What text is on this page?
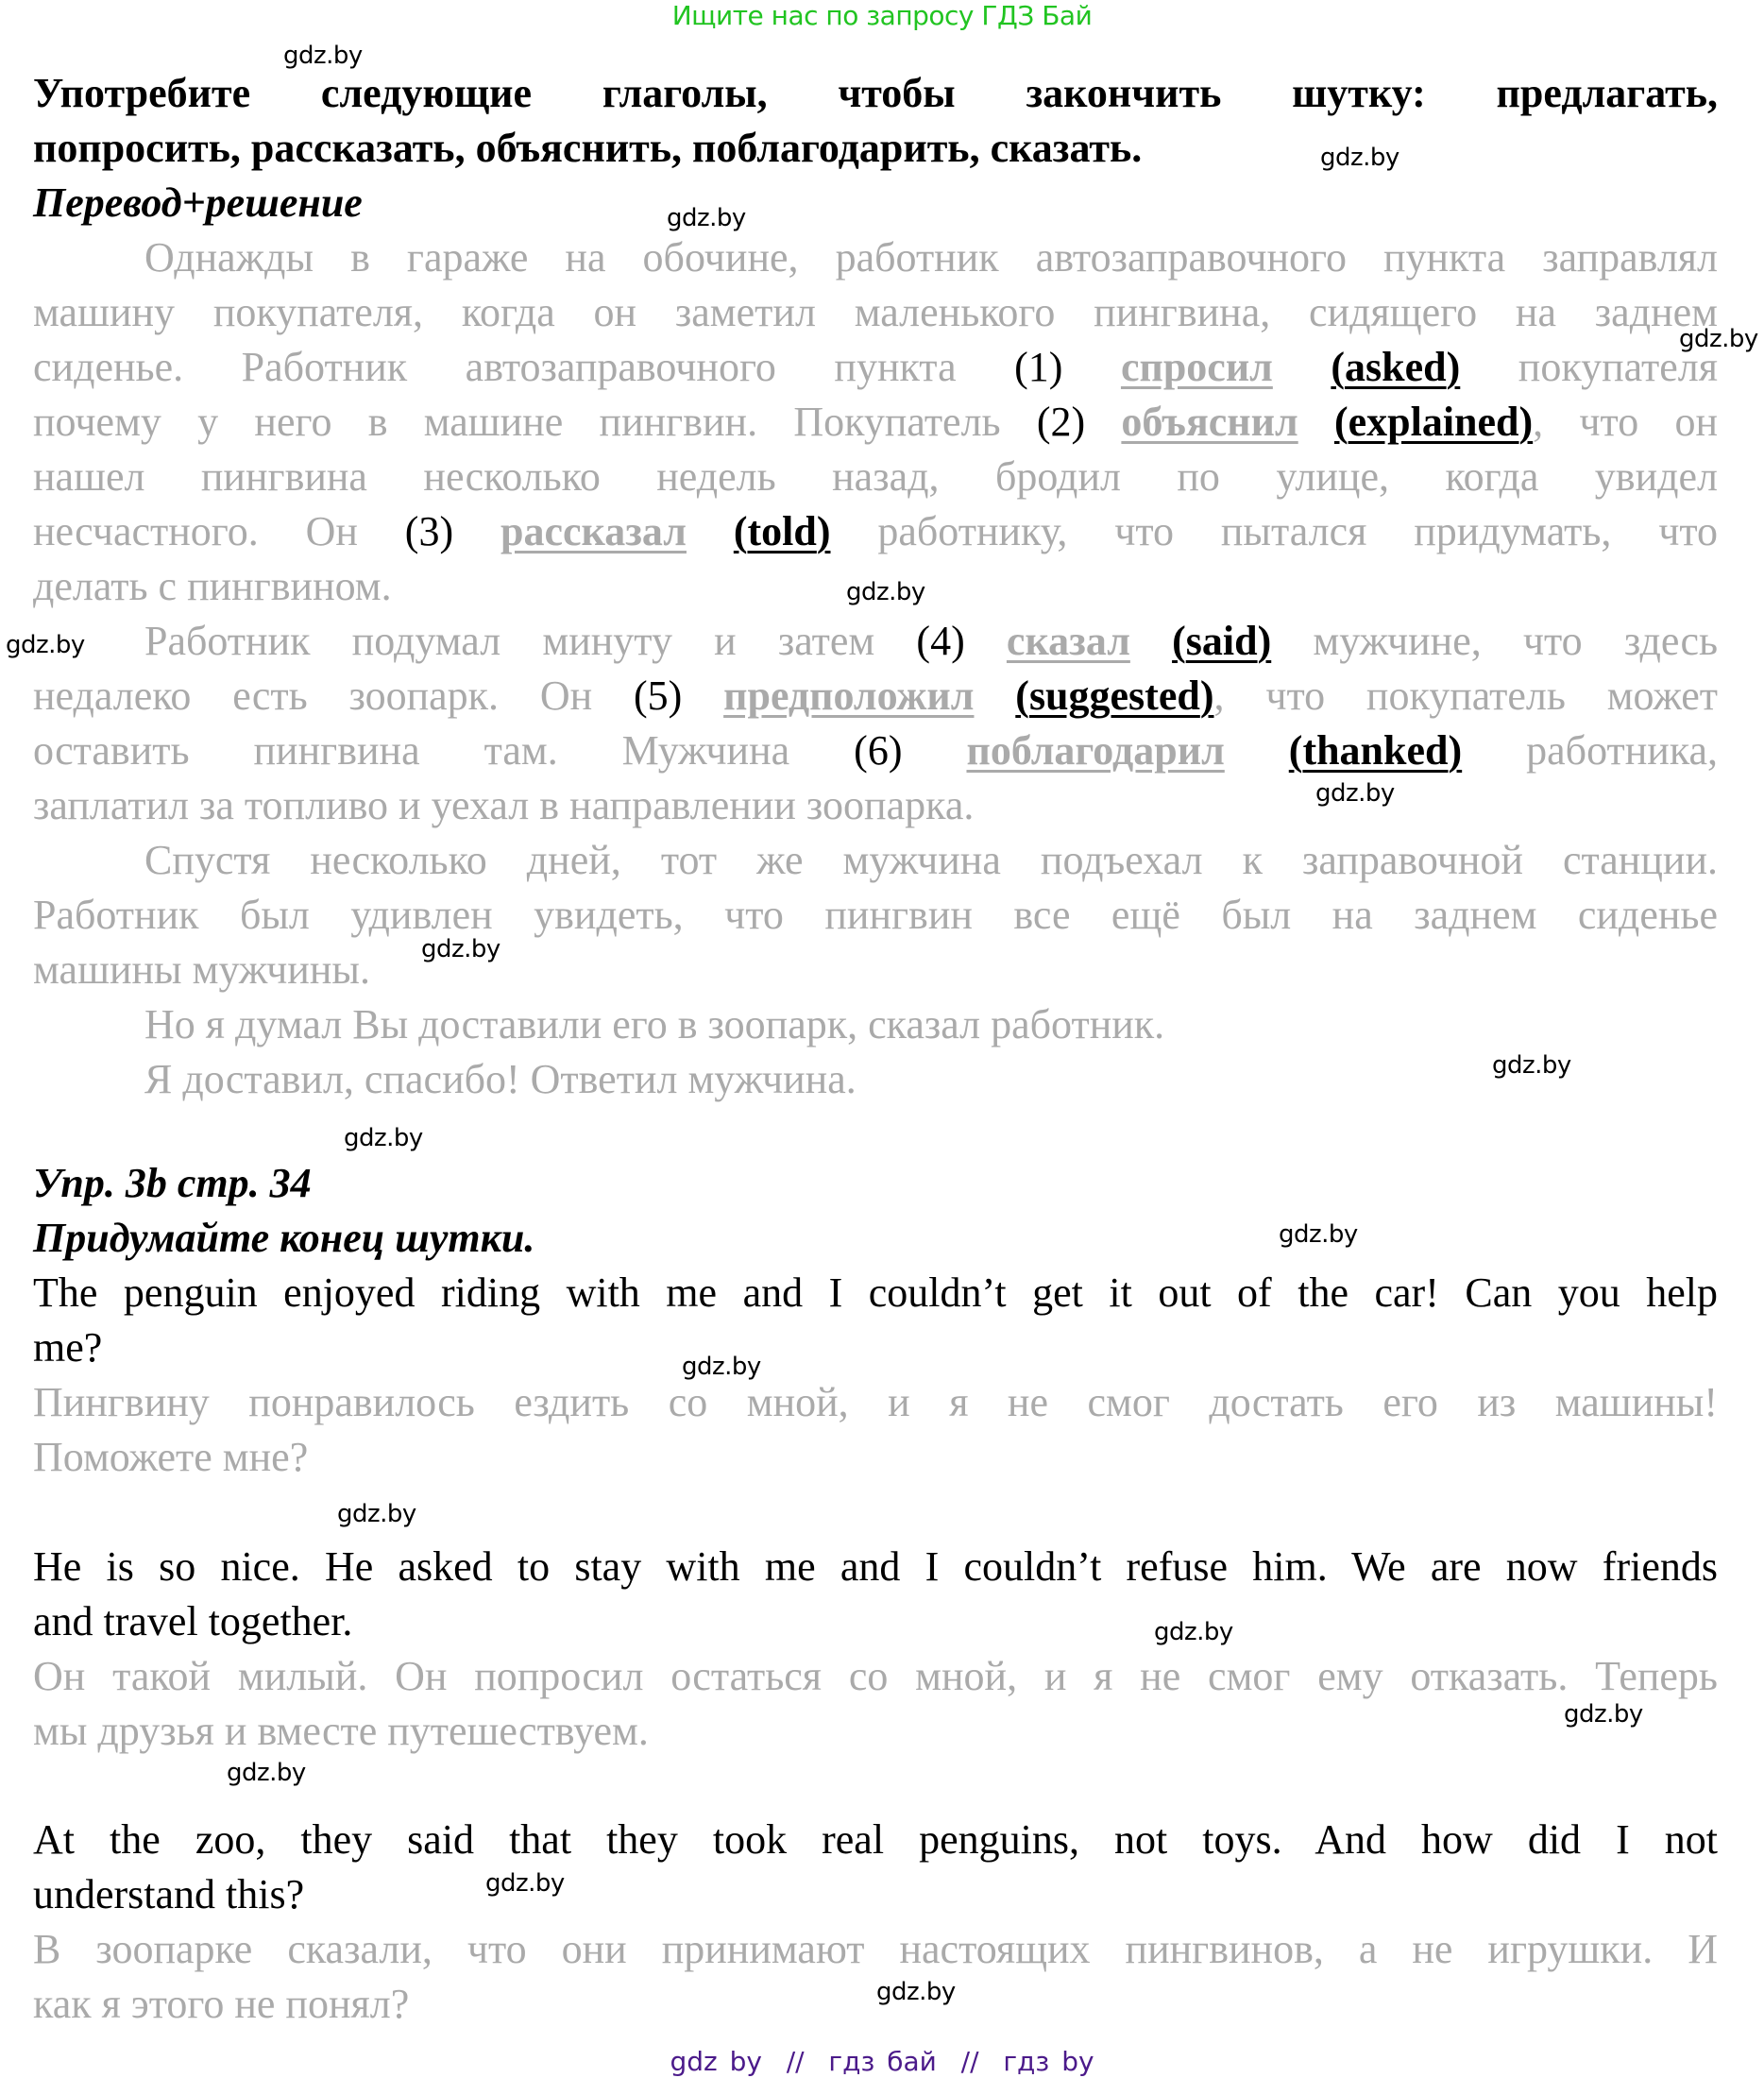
Ищите нас по запросу ГДЗ Бай
Употребите следующие глаголы, чтобы закончить шутку: предлагать,
попросить, рассказать, объяснить, поблагодарить, сказать.
Перевод+решение
Однажды в гараже на обочине, работник автозаправочного пункта заправлял
машину покупателя, когда он заметил маленького пингвина, сидящего на заднем
сиденье. Работник автозаправочного пункта (1) спросил (asked) покупателя
почему у него в машине пингвин. Покупатель (2) объяснил (explained), что он
нашел пингвина несколько недель назад, бродил по улице, когда увидел
несчастного. Он (3) рассказал (told) работнику, что пытался придумать, что
делать с пингвином.
Работник подумал минуту и затем (4) сказал (said) мужчине, что здесь
недалеко есть зоопарк. Он (5) предположил (suggested), что покупатель может
оставить пингвина там. Мужчина (6) поблагодарил (thanked) работника,
заплатил за топливо и уехал в направлении зоопарка.
Спустя несколько дней, тот же мужчина подъехал к заправочной станции.
Работник был удивлен увидеть, что пингвин все ещё был на заднем сиденье
машины мужчины.
Но я думал Вы доставили его в зоопарк, сказал работник.
Я доставил, спасибо! Ответил мужчина.
Упр. 3b стр. 34
Придумайте конец шутки.
The penguin enjoyed riding with me and I couldn’t get it out of the car! Can you help
me?
Пингвину понравилось ездить со мной, и я не смог достать его из машины!
Поможете мне?
He is so nice. He asked to stay with me and I couldn’t refuse him. We are now friends
and travel together.
Он такой милый. Он попросил остаться со мной, и я не смог ему отказать. Теперь
мы друзья и вместе путешествуем.
At the zoo, they said that they took real penguins, not toys. And how did I not
understand this?
В зоопарке сказали, что они принимают настоящих пингвинов, а не игрушки. И
как я этого не понял?
gdz.by
gdz.by
gdz.by
gdz.by
gdz.by
gdz.by
gdz.by
gdz.by
gdz.by
gdz.by
gdz.by
gdz.by
gdz.by
gdz.by
gdz.by
gdz.by
gdz.by
gdz.by
gdz by  //  гдз бай  //  гдз by
